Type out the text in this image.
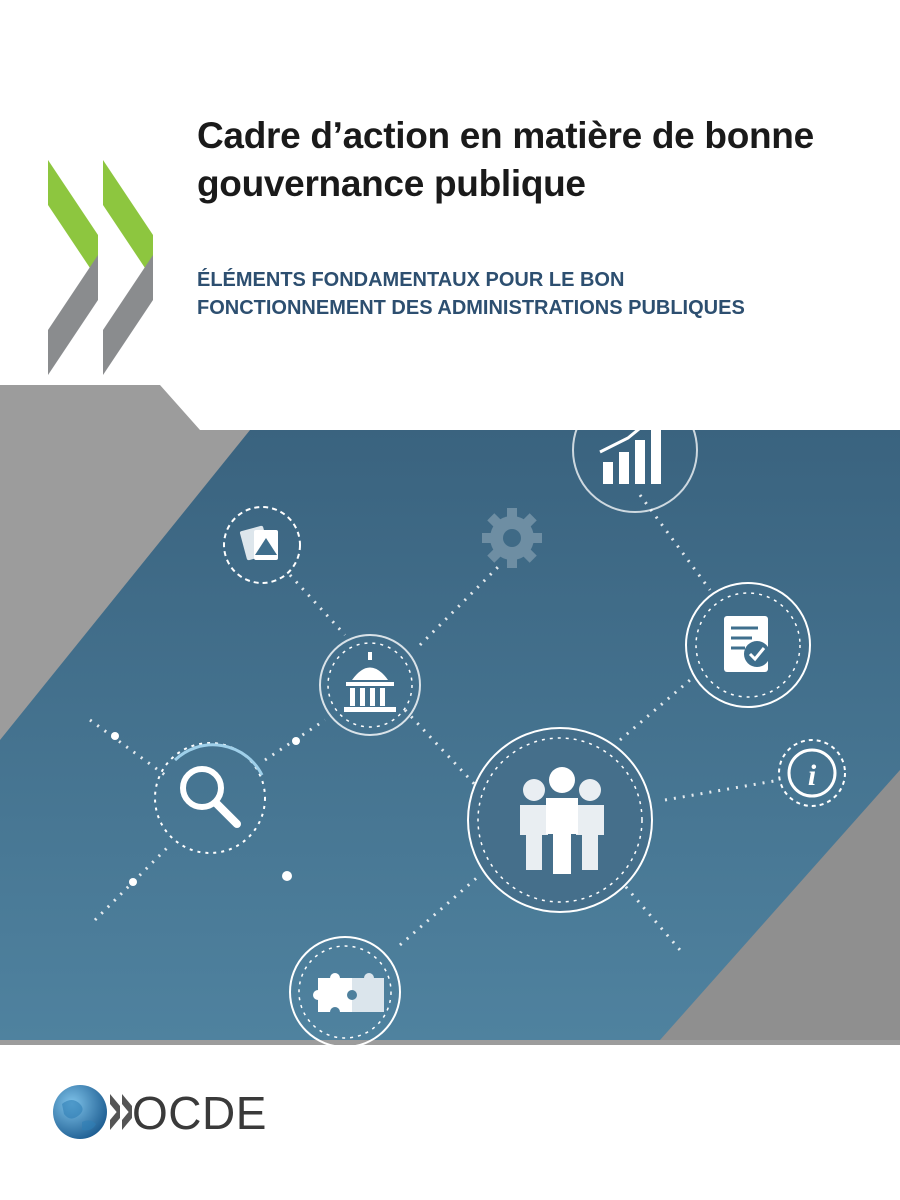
Cadre d’action en matière de bonne gouvernance publique
ÉLÉMENTS FONDAMENTAUX POUR LE BON FONCTIONNEMENT DES ADMINISTRATIONS PUBLIQUES
i

OCDE
